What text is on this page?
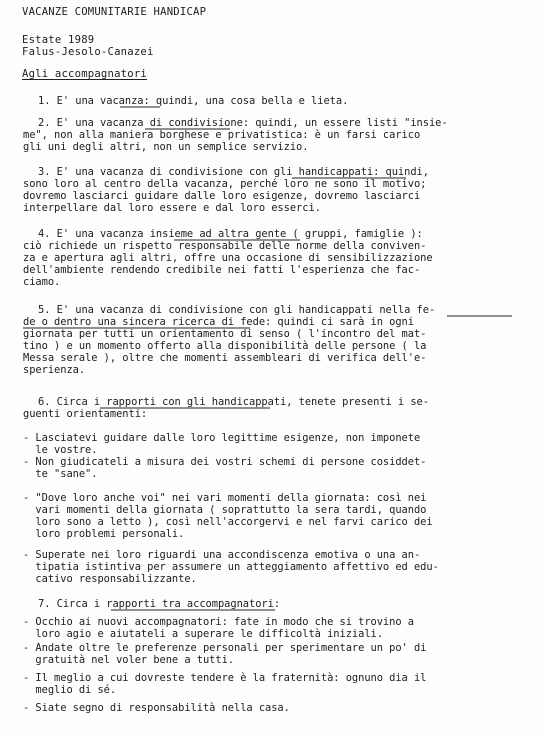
VACANZE COMUNITARIE HANDICAP
Estate 1989
Falus-Jesolo-Canazei
Agli accompagnatori
1. E' una vacanza: quindi, una cosa bella e lieta.
2. E' una vacanza di condivisione: quindi, un essere listi "insie-
me", non alla maniera borghese e privatistica: è un farsi carico
gli uni degli altri, non un semplice servizio.
3. E' una vacanza di condivisione con gli handicappati: quindi,
sono loro al centro della vacanza, perché loro ne sono il motivo;
dovremo lasciarci guidare dalle loro esigenze, dovremo lasciarci
interpellare dal loro essere e dal loro esserci.
4. E' una vacanza insieme ad altra gente ( gruppi, famiglie ):
ciò richiede un rispetto responsabile delle norme della conviven-
za e apertura agli altri, offre una occasione di sensibilizzazione
dell'ambiente rendendo credibile nei fatti l'esperienza che fac-
ciamo.
5. E' una vacanza di condivisione con gli handicappati nella fe-
de o dentro una sincera ricerca di fede: quindi ci sarà in ogni
giornata per tutti un orientamento di senso ( l'incontro del mat-
tino ) e un momento offerto alla disponibilità delle persone ( la
Messa serale ), oltre che momenti assembleari di verifica dell'e-
sperienza.
6. Circa i rapporti con gli handicappati, tenete presenti i se-
guenti orientamenti:
- Lasciatevi guidare dalle loro legittime esigenze, non imponete
le vostre.
- Non giudicateli a misura dei vostri schemi di persone cosiddet-
te "sane".
- "Dove loro anche voi" nei vari momenti della giornata: così nei
vari momenti della giornata ( soprattutto la sera tardi, quando
loro sono a letto ), così nell'accorgervi e nel farvi carico dei
loro problemi personali.
- Superate nei loro riguardi una accondiscenza emotiva o una an-
tipatia istintiva per assumere un atteggiamento affettivo ed edu-
cativo responsabilizzante.
7. Circa i rapporti tra accompagnatori:
- Occhio ai nuovi accompagnatori: fate in modo che si trovino a
loro agio e aiutateli a superare le difficoltà iniziali.
- Andate oltre le preferenze personali per sperimentare un po' di
gratuità nel voler bene a tutti.
- Il meglio a cui dovreste tendere è la fraternità: ognuno dia il
meglio di sé.
- Siate segno di responsabilità nella casa.
